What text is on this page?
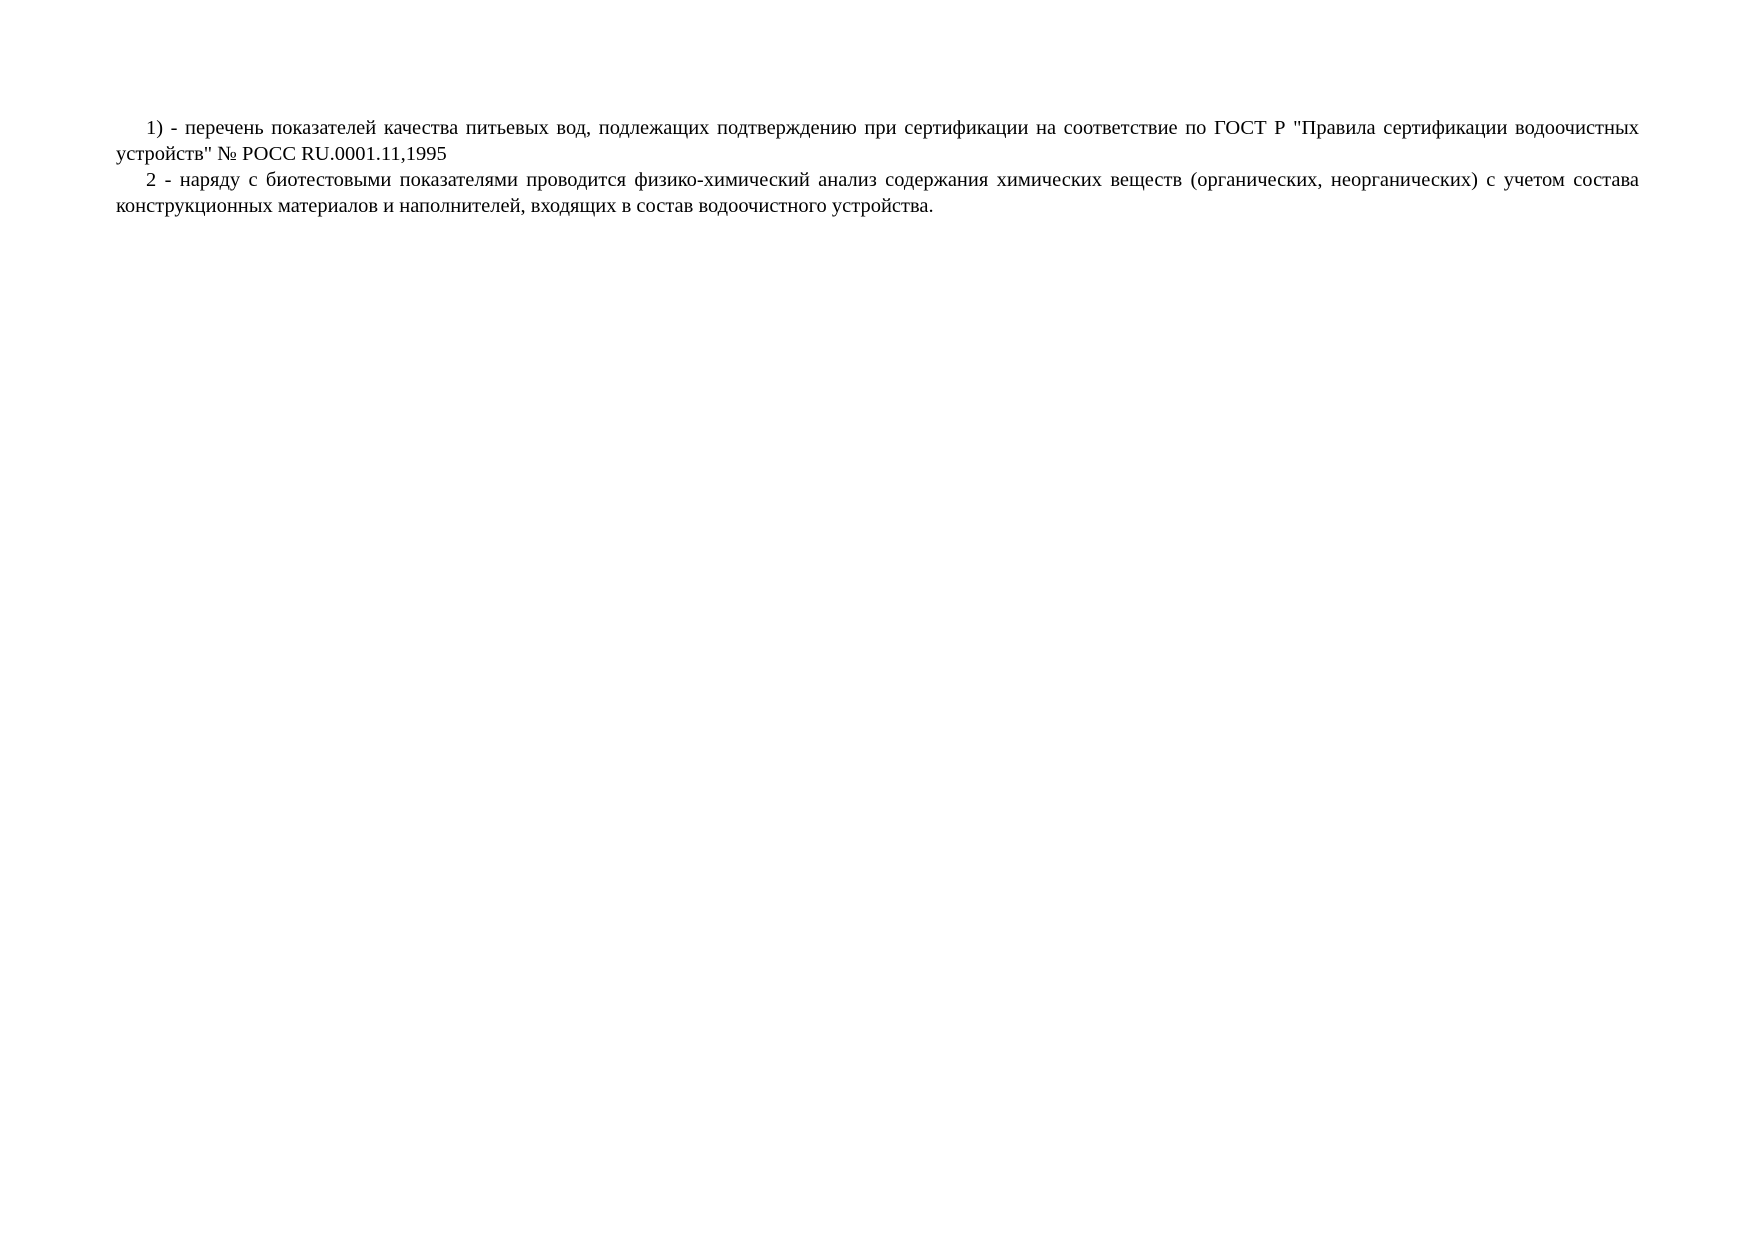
1) - перечень показателей качества питьевых вод, подлежащих подтверждению при сертификации на соответствие по ГОСТ Р "Правила сертификации водоочистных устройств" № РОСС RU.0001.11,1995

2 - наряду с биотестовыми показателями проводится физико-химический анализ содержания химических веществ (органических, неорганических) с учетом состава конструкционных материалов и наполнителей, входящих в состав водоочистного устройства.
